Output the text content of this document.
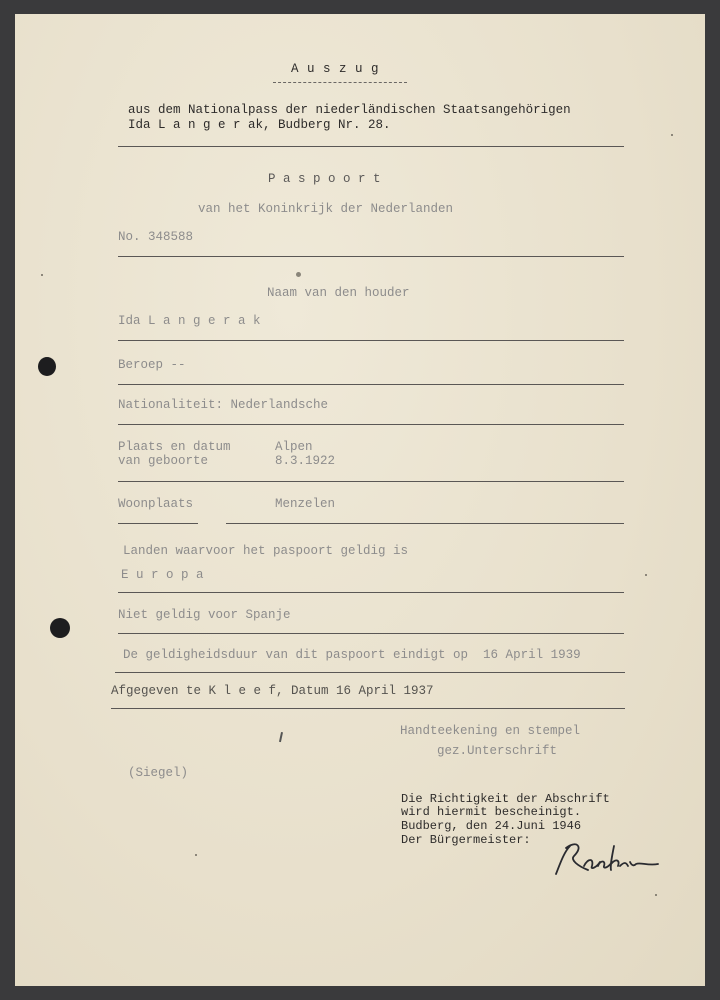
A u s z u g
aus dem Nationalpass der niederländischen Staatsangehörigen
Ida L a n g e r ak, Budberg Nr. 28.
P a s p o o r t
van het Koninkrijk der Nederlanden
No. 348588
Naam van den houder
Ida L a n g e r a k
Beroep --
Nationaliteit: Nederlandsche
Plaats en datum
van geboorte
Alpen
8.3.1922
Woonplaats	Menzelen
Landen waarvoor het paspoort geldig is
E u r o p a
Niet geldig voor Spanje
De geldigheidsduur van dit paspoort eindigt op  16 April 1939
Afgegeven te K l e e f, Datum 16 April 1937
Handteekening en stempel
gez.Unterschrift
(Siegel)
Die Richtigkeit der Abschrift
wird hiermit bescheinigt.
Budberg, den 24.Juni 1946
Der Bürgermeister:
